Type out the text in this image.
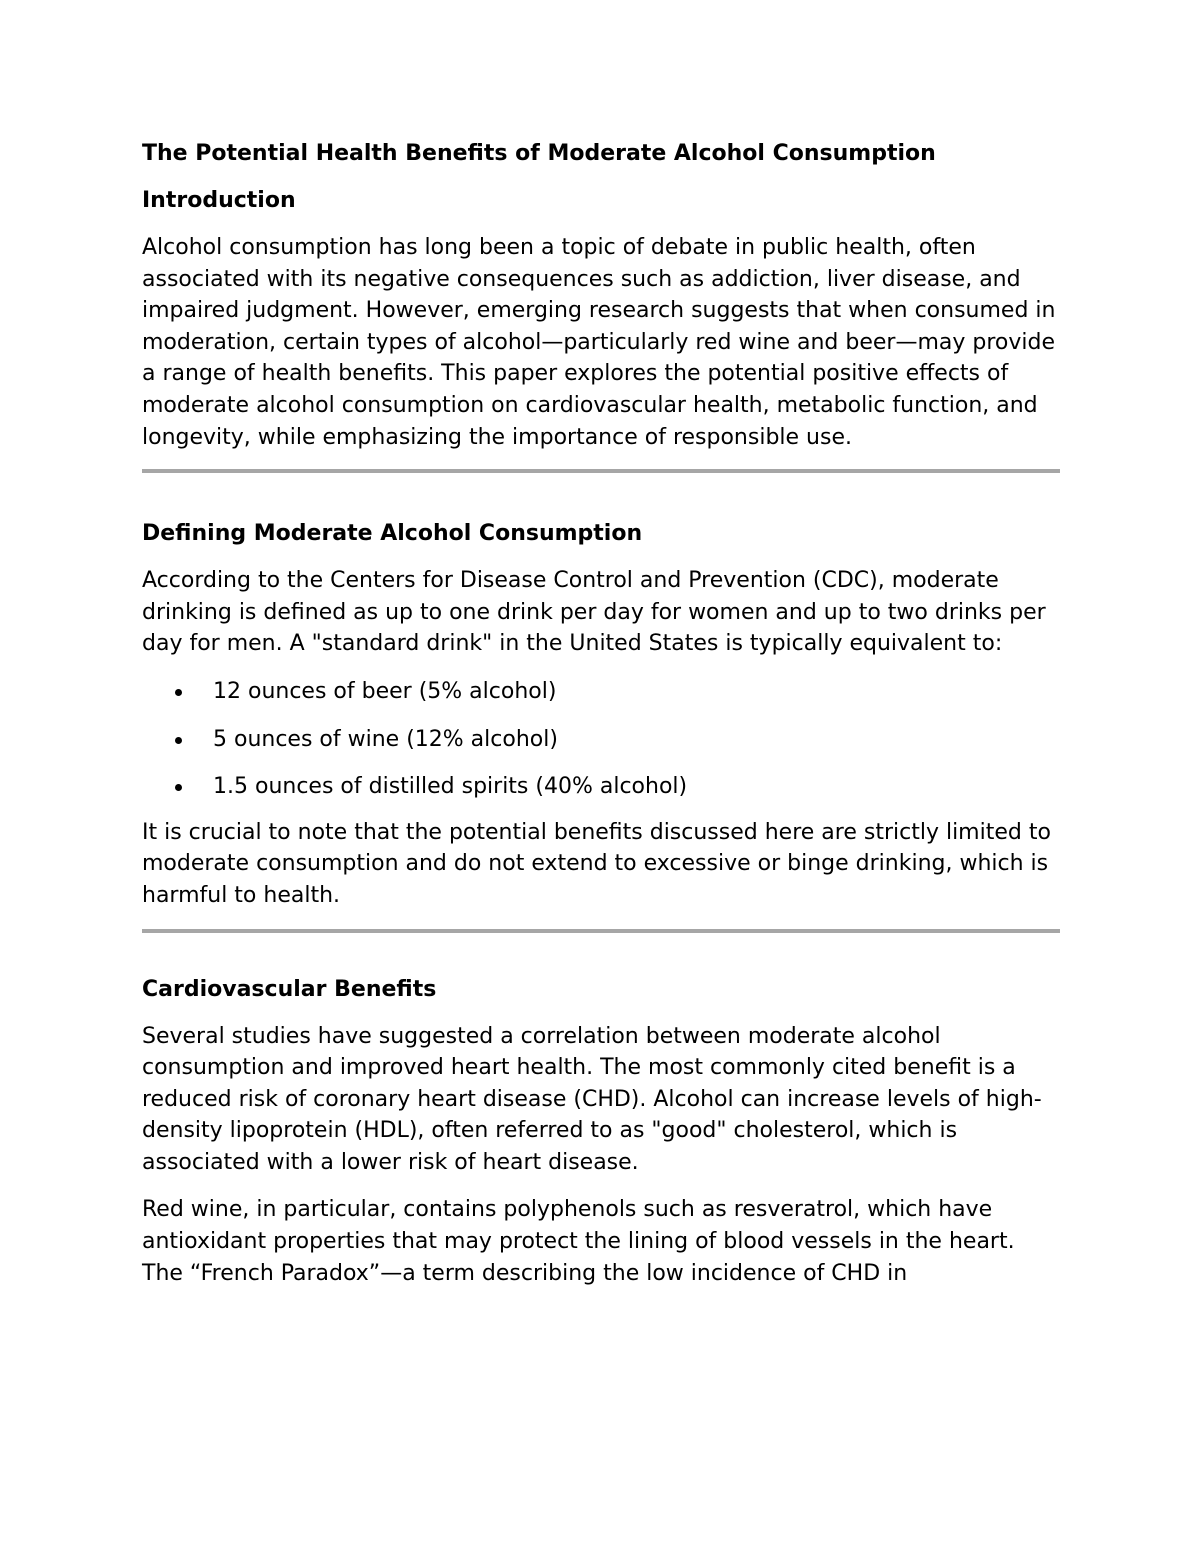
The Potential Health Benefits of Moderate Alcohol Consumption
Introduction

Alcohol consumption has long been a topic of debate in public health, often associated with its negative consequences such as addiction, liver disease, and impaired judgment. However, emerging research suggests that when consumed in moderation, certain types of alcohol—particularly red wine and beer—may provide a range of health benefits. This paper explores the potential positive effects of moderate alcohol consumption on cardiovascular health, metabolic function, and longevity, while emphasizing the importance of responsible use.

Defining Moderate Alcohol Consumption

According to the Centers for Disease Control and Prevention (CDC), moderate drinking is defined as up to one drink per day for women and up to two drinks per day for men. A "standard drink" in the United States is typically equivalent to:

12 ounces of beer (5% alcohol)
5 ounces of wine (12% alcohol)
1.5 ounces of distilled spirits (40% alcohol)

It is crucial to note that the potential benefits discussed here are strictly limited to moderate consumption and do not extend to excessive or binge drinking, which is harmful to health.

Cardiovascular Benefits

Several studies have suggested a correlation between moderate alcohol consumption and improved heart health. The most commonly cited benefit is a reduced risk of coronary heart disease (CHD). Alcohol can increase levels of high-density lipoprotein (HDL), often referred to as "good" cholesterol, which is associated with a lower risk of heart disease.

Red wine, in particular, contains polyphenols such as resveratrol, which have antioxidant properties that may protect the lining of blood vessels in the heart. The “French Paradox”—a term describing the low incidence of CHD in
